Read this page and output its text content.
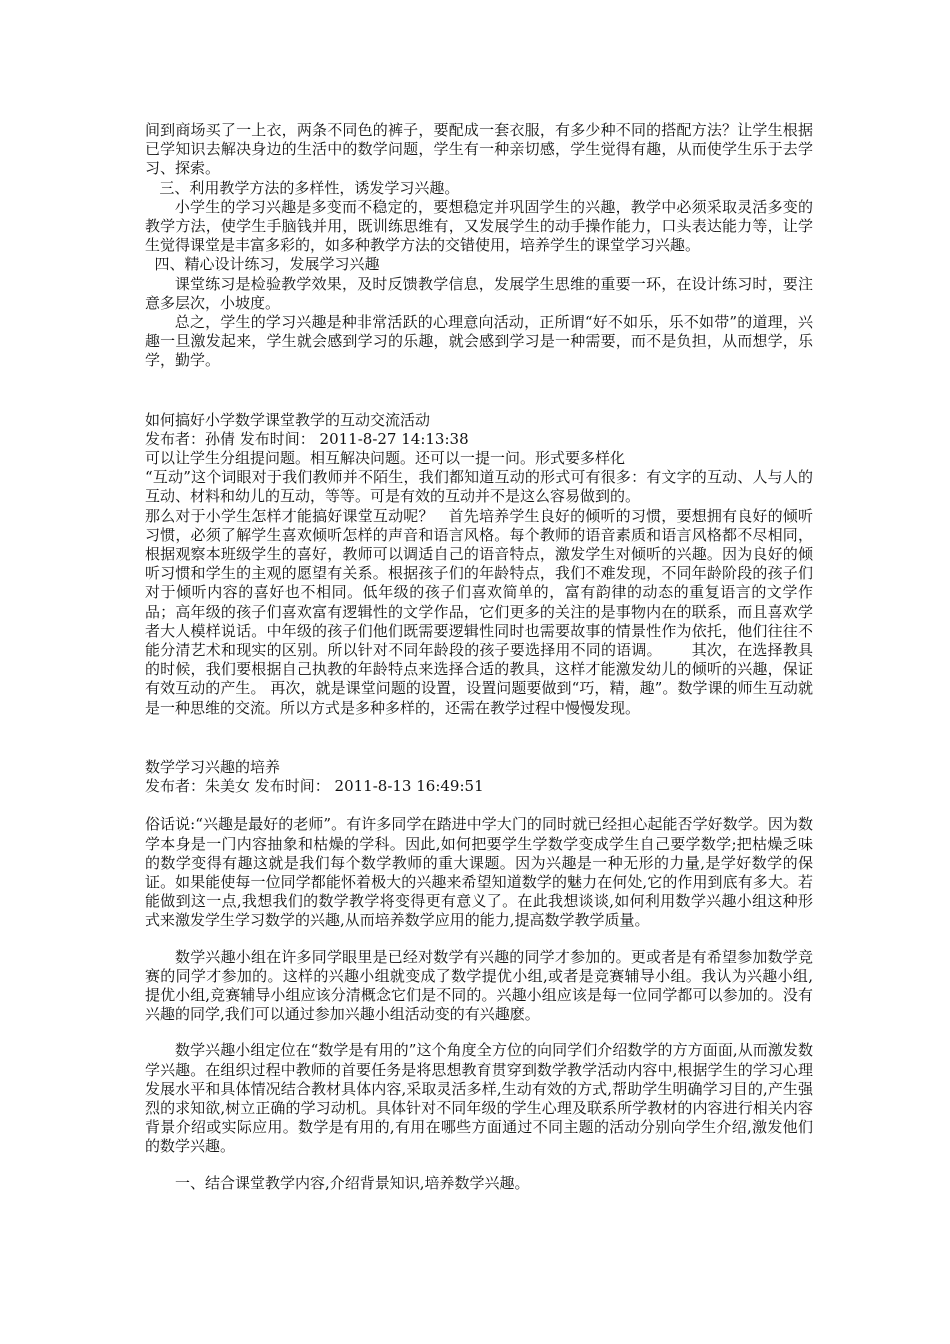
间到商场买了一上衣，两条不同色的裤子，要配成一套衣服，有多少种不同的搭配方法？让学生根据已学知识去解决身边的生活中的数学问题，学生有一种亲切感，学生觉得有趣，从而使学生乐于去学习、探索。

三、利用教学方法的多样性，诱发学习兴趣。

小学生的学习兴趣是多变而不稳定的，要想稳定并巩固学生的兴趣，教学中必须采取灵活多变的教学方法，使学生手脑钱并用，既训练思维有，又发展学生的动手操作能力，口头表达能力等，让学生觉得课堂是丰富多彩的，如多种教学方法的交错使用，培养学生的课堂学习兴趣。

四、精心设计练习，发展学习兴趣

课堂练习是检验教学效果，及时反馈教学信息，发展学生思维的重要一环，在设计练习时，要注意多层次，小坡度。

总之，学生的学习兴趣是种非常活跃的心理意向活动，正所谓“好不如乐，乐不如带”的道理，兴趣一旦激发起来，学生就会感到学习的乐趣，就会感到学习是一种需要，而不是负担，从而想学，乐学，勤学。

如何搞好小学数学课堂教学的互动交流活动

发布者：孙倩 发布时间： 2011-8-27 14:13:38

可以让学生分组提问题。相互解决问题。还可以一提一问。形式要多样化

“互动”这个词眼对于我们教师并不陌生，我们都知道互动的形式可有很多：有文字的互动、人与人的互动、材料和幼儿的互动，等等。可是有效的互动并不是这么容易做到的。

那么对于小学生怎样才能搞好课堂互动呢？   首先培养学生良好的倾听的习惯，要想拥有良好的倾听习惯，必须了解学生喜欢倾听怎样的声音和语言风格。每个教师的语音素质和语言风格都不尽相同，根据观察本班级学生的喜好，教师可以调适自己的语音特点，激发学生对倾听的兴趣。因为良好的倾听习惯和学生的主观的愿望有关系。根据孩子们的年龄特点，我们不难发现，不同年龄阶段的孩子们对于倾听内容的喜好也不相同。低年级的孩子们喜欢简单的，富有韵律的动态的重复语言的文学作品；高年级的孩子们喜欢富有逻辑性的文学作品，它们更多的关注的是事物内在的联系，而且喜欢学者大人模样说话。中年级的孩子们他们既需要逻辑性同时也需要故事的情景性作为依托，他们往往不能分清艺术和现实的区别。所以针对不同年龄段的孩子要选择用不同的语调。      其次，在选择教具的时候，我们要根据自己执教的年龄特点来选择合适的教具，这样才能激发幼儿的倾听的兴趣，保证有效互动的产生。 再次，就是课堂问题的设置，设置问题要做到“巧，精，趣”。数学课的师生互动就是一种思维的交流。所以方式是多种多样的，还需在教学过程中慢慢发现。

数学学习兴趣的培养

发布者：朱美女 发布时间： 2011-8-13 16:49:51

俗话说:“兴趣是最好的老师”。有许多同学在踏进中学大门的同时就已经担心起能否学好数学。因为数学本身是一门内容抽象和枯燥的学科。因此,如何把要学生学数学变成学生自己要学数学;把枯燥乏味的数学变得有趣这就是我们每个数学教师的重大课题。因为兴趣是一种无形的力量,是学好数学的保证。如果能使每一位同学都能怀着极大的兴趣来希望知道数学的魅力在何处,它的作用到底有多大。若能做到这一点,我想我们的数学教学将变得更有意义了。在此我想谈谈,如何利用数学兴趣小组这种形式来激发学生学习数学的兴趣,从而培养数学应用的能力,提高数学教学质量。

数学兴趣小组在许多同学眼里是已经对数学有兴趣的同学才参加的。更或者是有希望参加数学竞赛的同学才参加的。这样的兴趣小组就变成了数学提优小组,或者是竞赛辅导小组。我认为兴趣小组,提优小组,竞赛辅导小组应该分清概念它们是不同的。兴趣小组应该是每一位同学都可以参加的。没有兴趣的同学,我们可以通过参加兴趣小组活动变的有兴趣麽。

数学兴趣小组定位在“数学是有用的”这个角度全方位的向同学们介绍数学的方方面面,从而激发数学兴趣。在组织过程中教师的首要任务是将思想教育贯穿到数学教学活动内容中,根据学生的学习心理发展水平和具体情况结合教材具体内容,采取灵活多样,生动有效的方式,帮助学生明确学习目的,产生强烈的求知欲,树立正确的学习动机。具体针对不同年级的学生心理及联系所学教材的内容进行相关内容背景介绍或实际应用。数学是有用的,有用在哪些方面通过不同主题的活动分别向学生介绍,激发他们的数学兴趣。

一、结合课堂教学内容,介绍背景知识,培养数学兴趣。
